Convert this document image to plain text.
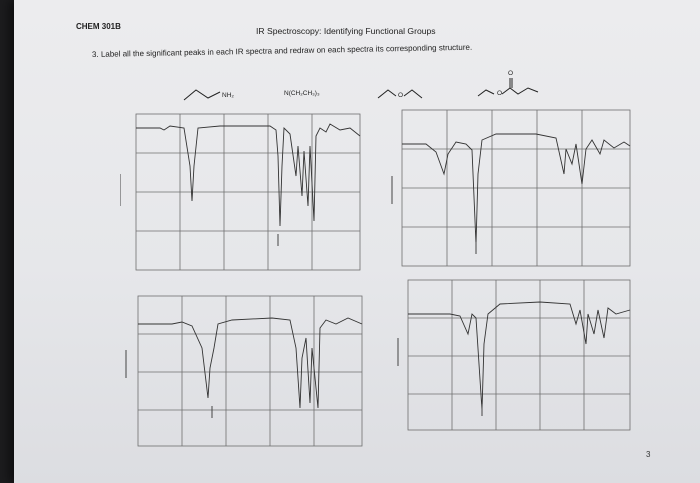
CHEM 301B	IR Spectroscopy: Identifying Functional Groups
3. Label all the significant peaks in each IR spectra and redraw on each spectra its corresponding structure.
NH₂	N(CH₂CH₃)₃	O
O
O
3
